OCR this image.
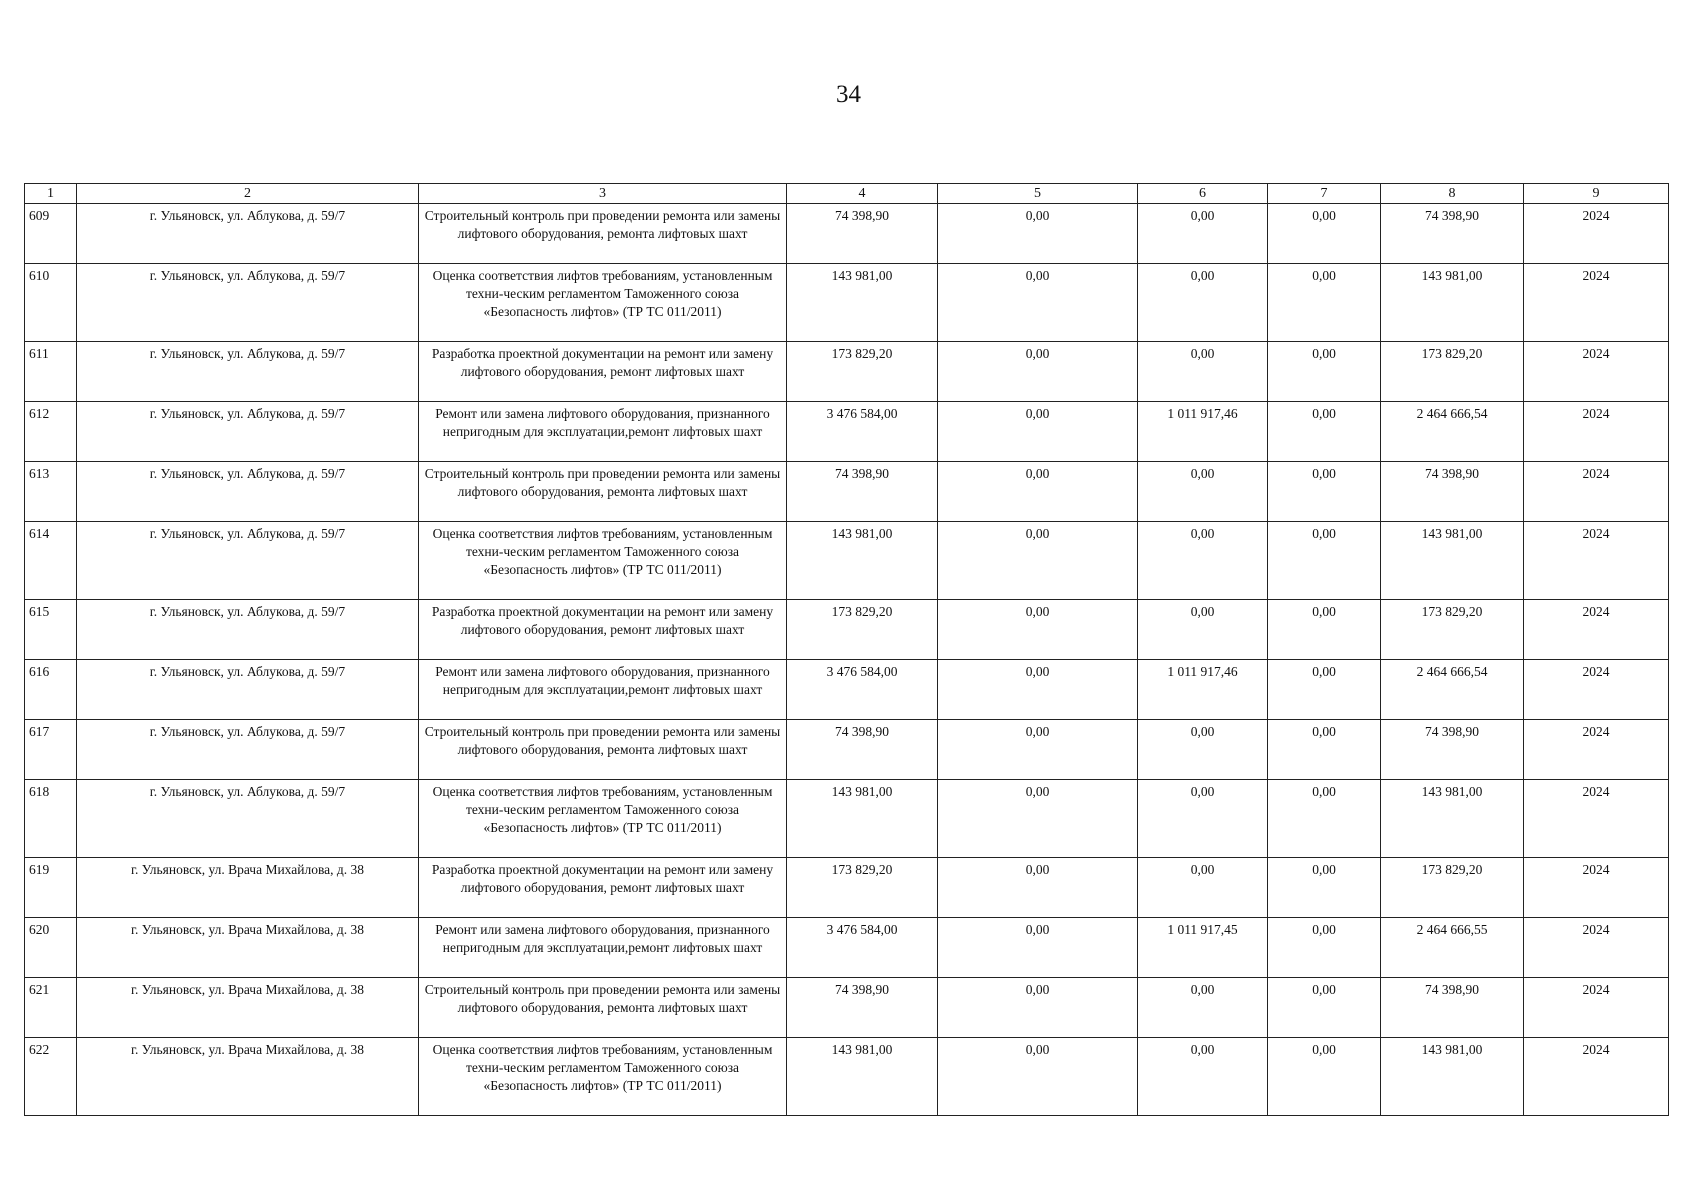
34
1	2	3	4	5	6	7	8	9
609	г. Ульяновск, ул. Аблукова, д. 59/7	Строительный контроль при проведении ремонта или замены лифтового оборудования, ремонта лифтовых шахт	74 398,90	0,00	0,00	0,00	74 398,90	2024
610	г. Ульяновск, ул. Аблукова, д. 59/7	Оценка соответствия лифтов требованиям, установленным техни-ческим регламентом Таможенного союза «Безопасность лифтов» (ТР ТС 011/2011)	143 981,00	0,00	0,00	0,00	143 981,00	2024
611	г. Ульяновск, ул. Аблукова, д. 59/7	Разработка проектной документации на ремонт или замену лифтового оборудования, ремонт лифтовых шахт	173 829,20	0,00	0,00	0,00	173 829,20	2024
612	г. Ульяновск, ул. Аблукова, д. 59/7	Ремонт или замена лифтового оборудования, признанного непригодным для эксплуатации,ремонт лифтовых шахт	3 476 584,00	0,00	1 011 917,46	0,00	2 464 666,54	2024
613	г. Ульяновск, ул. Аблукова, д. 59/7	Строительный контроль при проведении ремонта или замены лифтового оборудования, ремонта лифтовых шахт	74 398,90	0,00	0,00	0,00	74 398,90	2024
614	г. Ульяновск, ул. Аблукова, д. 59/7	Оценка соответствия лифтов требованиям, установленным техни-ческим регламентом Таможенного союза «Безопасность лифтов» (ТР ТС 011/2011)	143 981,00	0,00	0,00	0,00	143 981,00	2024
615	г. Ульяновск, ул. Аблукова, д. 59/7	Разработка проектной документации на ремонт или замену лифтового оборудования, ремонт лифтовых шахт	173 829,20	0,00	0,00	0,00	173 829,20	2024
616	г. Ульяновск, ул. Аблукова, д. 59/7	Ремонт или замена лифтового оборудования, признанного непригодным для эксплуатации,ремонт лифтовых шахт	3 476 584,00	0,00	1 011 917,46	0,00	2 464 666,54	2024
617	г. Ульяновск, ул. Аблукова, д. 59/7	Строительный контроль при проведении ремонта или замены лифтового оборудования, ремонта лифтовых шахт	74 398,90	0,00	0,00	0,00	74 398,90	2024
618	г. Ульяновск, ул. Аблукова, д. 59/7	Оценка соответствия лифтов требованиям, установленным техни-ческим регламентом Таможенного союза «Безопасность лифтов» (ТР ТС 011/2011)	143 981,00	0,00	0,00	0,00	143 981,00	2024
619	г. Ульяновск, ул. Врача Михайлова, д. 38	Разработка проектной документации на ремонт или замену лифтового оборудования, ремонт лифтовых шахт	173 829,20	0,00	0,00	0,00	173 829,20	2024
620	г. Ульяновск, ул. Врача Михайлова, д. 38	Ремонт или замена лифтового оборудования, признанного непригодным для эксплуатации,ремонт лифтовых шахт	3 476 584,00	0,00	1 011 917,45	0,00	2 464 666,55	2024
621	г. Ульяновск, ул. Врача Михайлова, д. 38	Строительный контроль при проведении ремонта или замены лифтового оборудования, ремонта лифтовых шахт	74 398,90	0,00	0,00	0,00	74 398,90	2024
622	г. Ульяновск, ул. Врача Михайлова, д. 38	Оценка соответствия лифтов требованиям, установленным техни-ческим регламентом Таможенного союза «Безопасность лифтов» (ТР ТС 011/2011)	143 981,00	0,00	0,00	0,00	143 981,00	2024
